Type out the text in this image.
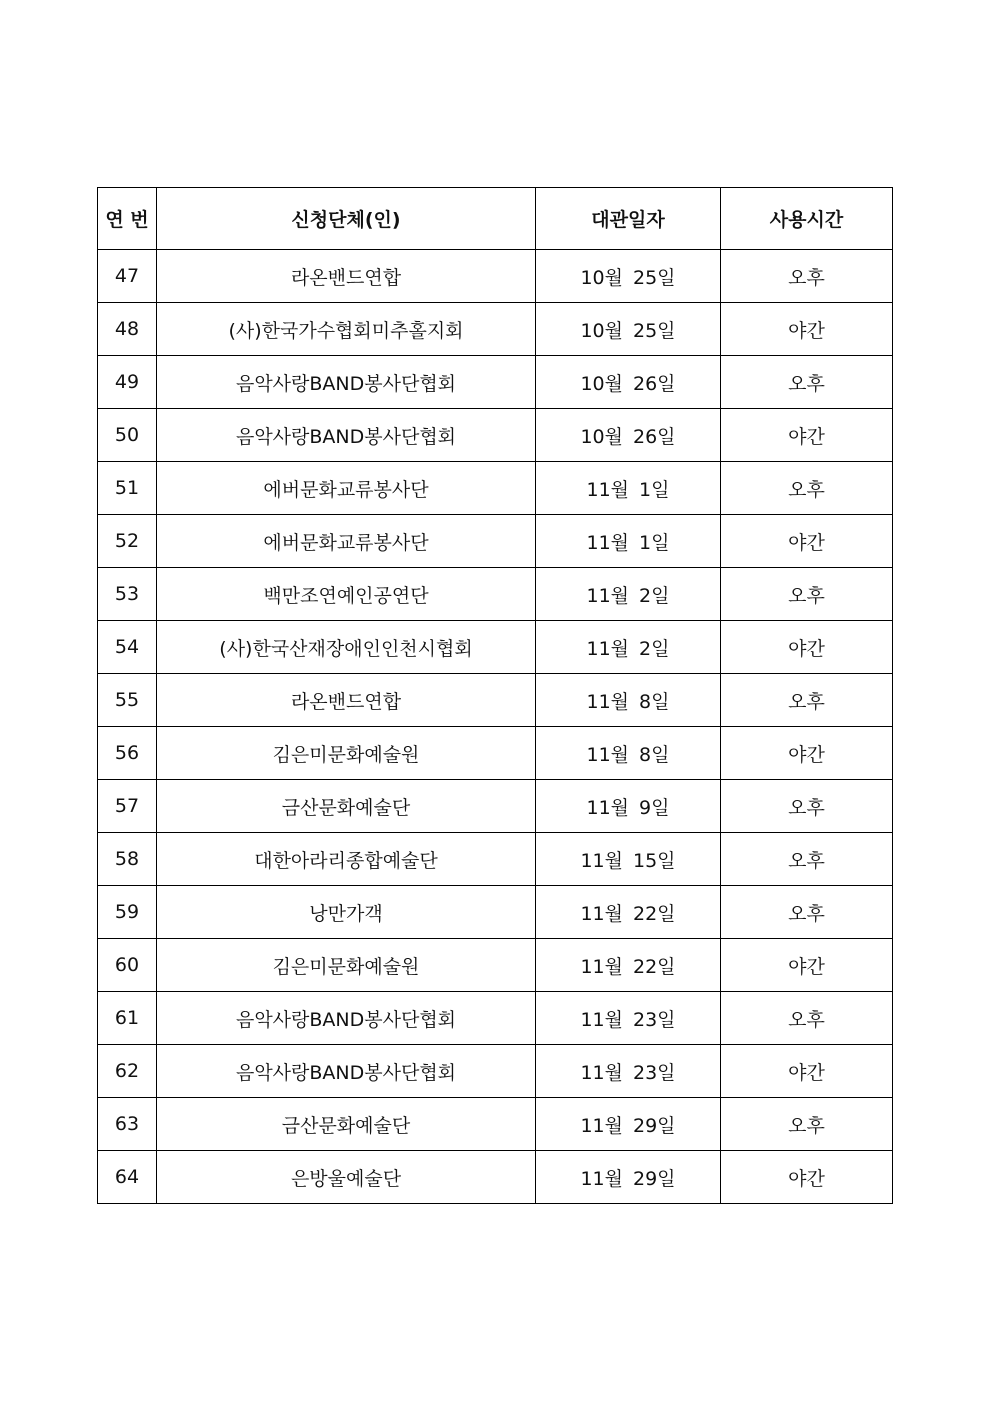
연 번	신청단체(인)	대관일자	사용시간
47	라온밴드연합	10월 25일	오후
48	(사)한국가수협회미추홀지회	10월 25일	야간
49	음악사랑BAND봉사단협회	10월 26일	오후
50	음악사랑BAND봉사단협회	10월 26일	야간
51	에버문화교류봉사단	11월 1일	오후
52	에버문화교류봉사단	11월 1일	야간
53	백만조연예인공연단	11월 2일	오후
54	(사)한국산재장애인인천시협회	11월 2일	야간
55	라온밴드연합	11월 8일	오후
56	김은미문화예술원	11월 8일	야간
57	금산문화예술단	11월 9일	오후
58	대한아라리종합예술단	11월 15일	오후
59	낭만가객	11월 22일	오후
60	김은미문화예술원	11월 22일	야간
61	음악사랑BAND봉사단협회	11월 23일	오후
62	음악사랑BAND봉사단협회	11월 23일	야간
63	금산문화예술단	11월 29일	오후
64	은방울예술단	11월 29일	야간
